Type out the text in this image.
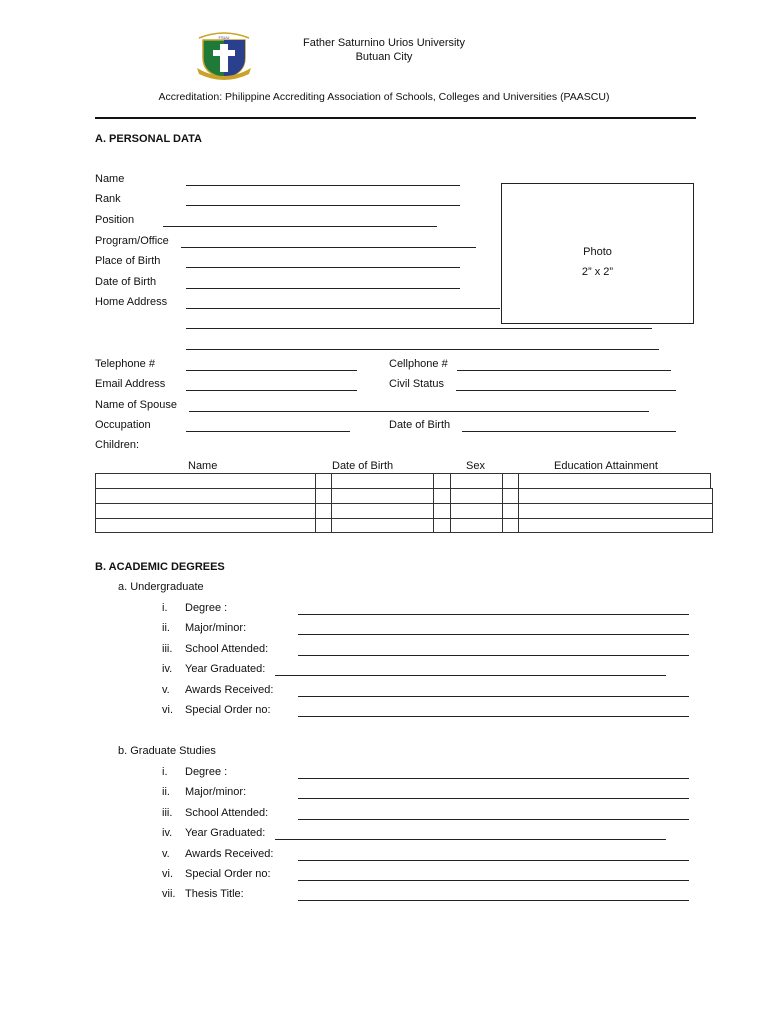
FSUU	Father Saturnino Urios University
Butuan City
Accreditation: Philippine Accrediting Association of Schools, Colleges and Universities (PAASCU)
A. PERSONAL DATA
Name
Rank
Position
Program/Office
Place of Birth
Date of Birth
Home Address
Photo
2” x 2”
Telephone #	Cellphone #
Email Address	Civil Status
Name of Spouse
Occupation	Date of Birth
Children:
Name	Date of Birth	Sex	Education Attainment
B. ACADEMIC DEGREES
a. Undergraduate
i. Degree :
ii. Major/minor:
iii. School Attended:
iv. Year Graduated:
v. Awards Received:
vi. Special Order no:
b. Graduate Studies
i. Degree :
ii. Major/minor:
iii. School Attended:
iv. Year Graduated:
v. Awards Received:
vi. Special Order no:
vii. Thesis Title:
